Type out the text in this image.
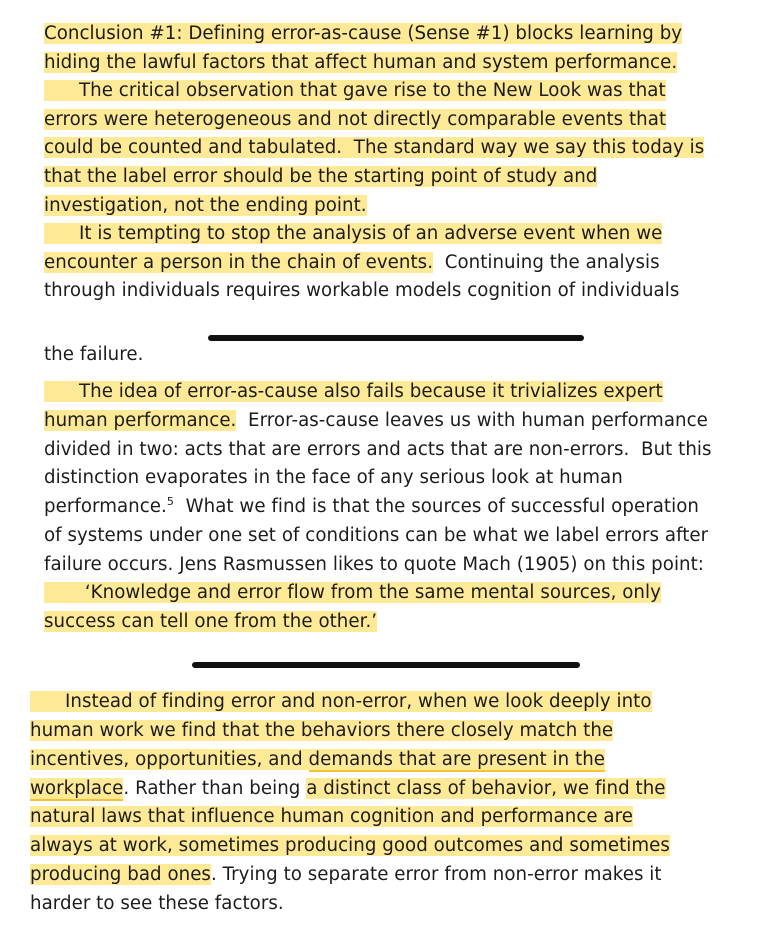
Conclusion #1: Defining error-as-cause (Sense #1) blocks learning by
hiding the lawful factors that affect human and system performance.
The critical observation that gave rise to the New Look was that
errors were heterogeneous and not directly comparable events that
could be counted and tabulated.  The standard way we say this today is
that the label error should be the starting point of study and
investigation, not the ending point.
It is tempting to stop the analysis of an adverse event when we
encounter a person in the chain of events.  Continuing the analysis
through individuals requires workable models cognition of individuals
the failure.
The idea of error-as-cause also fails because it trivializes expert
human performance.  Error-as-cause leaves us with human performance
divided in two: acts that are errors and acts that are non-errors.  But this
distinction evaporates in the face of any serious look at human
performance.$^5$  What we find is that the sources of successful operation
of systems under one set of conditions can be what we label errors after
failure occurs. Jens Rasmussen likes to quote Mach (1905) on this point:
‘Knowledge and error flow from the same mental sources, only
success can tell one from the other.’
Instead of finding error and non-error, when we look deeply into
human work we find that the behaviors there closely match the
incentives, opportunities, and demands that are present in the
workplace. Rather than being a distinct class of behavior, we find the
natural laws that influence human cognition and performance are
always at work, sometimes producing good outcomes and sometimes
producing bad ones. Trying to separate error from non-error makes it
harder to see these factors.
